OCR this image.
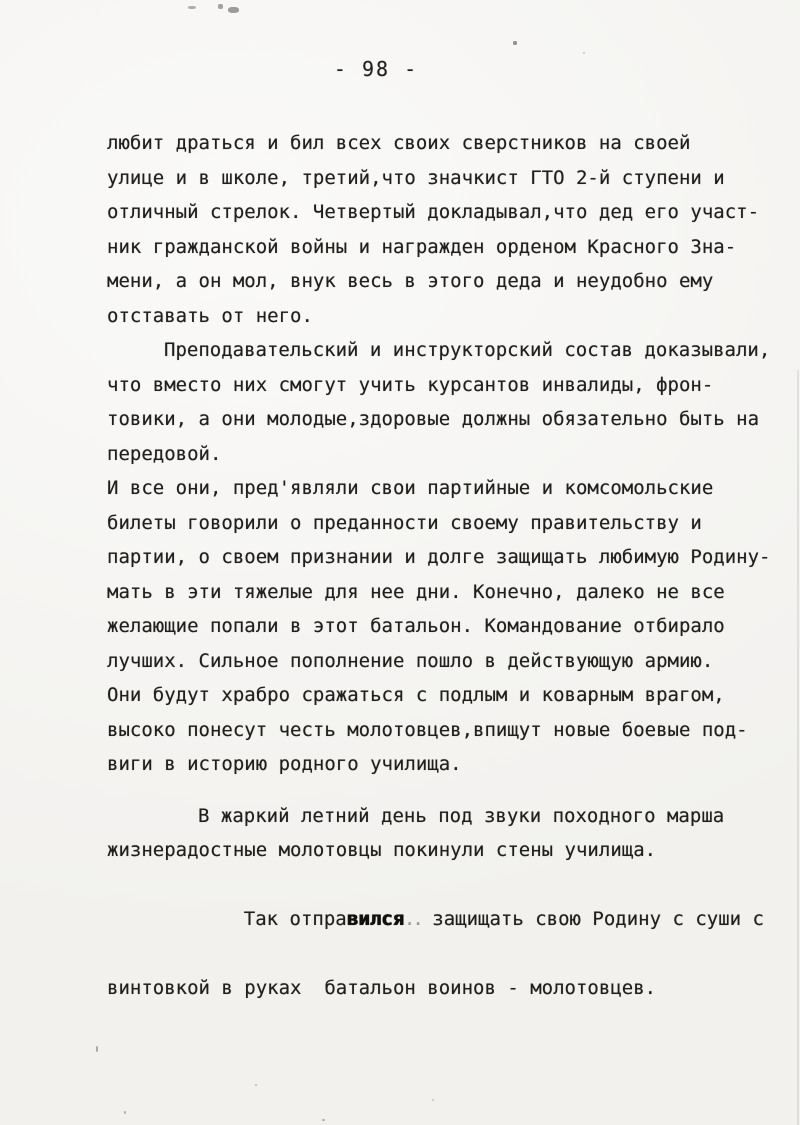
- 98 -
любит драться и бил всех своих сверстников на своей
улице и в школе, третий,что значкист ГТО 2-й ступени и
отличный стрелок. Четвертый докладывал,что дед его участ-
ник гражданской войны и награжден орденом Красного Зна-
мени, а он мол, внук весь в этого деда и неудобно ему
отставать от него.
Преподавательский и инструкторский состав доказывали,
что вместо них смогут учить курсантов инвалиды, фрон-
товики, а они молодые,здоровые должны обязательно быть на
передовой.
И все они, пред'являли свои партийные и комсомольские
билеты говорили о преданности своему правительству и
партии, о своем признании и долге защищать любимую Родину-
мать в эти тяжелые для нее дни. Конечно, далеко не все
желающие попали в этот батальон. Командование отбирало
лучших. Сильное пополнение пошло в действующую армию.
Они будут храбро сражаться с подлым и коварным врагом,
высоко понесут честь молотовцев,впищут новые боевые под-
виги в историю родного училища.
В жаркий летний день под звуки походного марша
жизнерадостные молотовцы покинули стены училища.

Так отправился.. защищать свою Родину с суши с

винтовкой в руках  батальон воинов - молотовцев.
